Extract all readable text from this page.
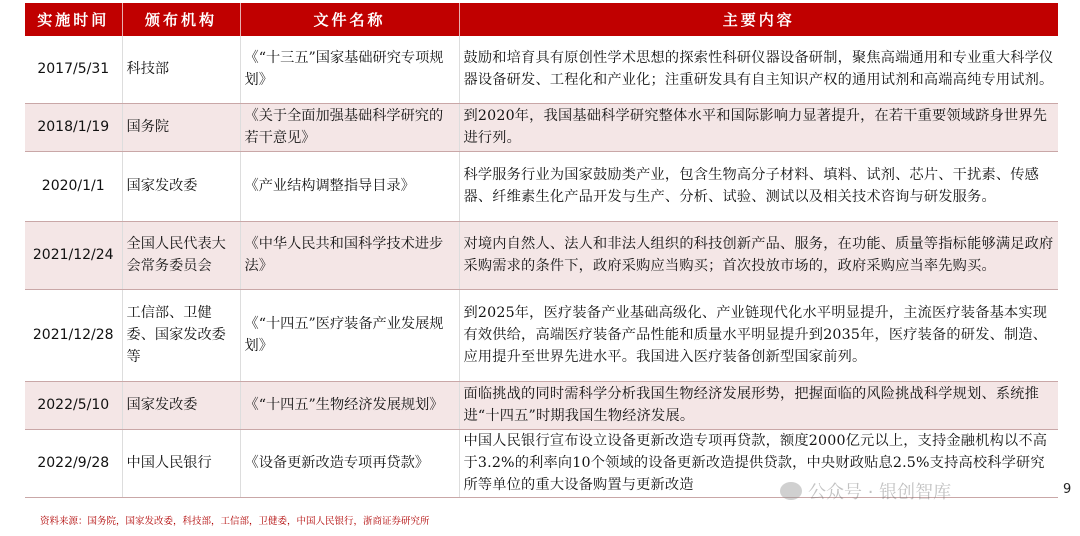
实施时间	颁布机构	文件名称	主要内容
2017/5/31	科技部	《“十三五”国家基础研究专项规划》	鼓励和培育具有原创性学术思想的探索性科研仪器设备研制，聚焦高端通用和专业重大科学仪器设备研发、工程化和产业化；注重研发具有自主知识产权的通用试剂和高端高纯专用试剂。
2018/1/19	国务院	《关于全面加强基础科学研究的若干意见》	到2020年，我国基础科学研究整体水平和国际影响力显著提升，在若干重要领域跻身世界先进行列。
2020/1/1	国家发改委	《产业结构调整指导目录》	科学服务行业为国家鼓励类产业，包含生物高分子材料、填料、试剂、芯片、干扰素、传感器、纤维素生化产品开发与生产、分析、试验、测试以及相关技术咨询与研发服务。
2021/12/24	全国人民代表大会常务委员会	《中华人民共和国科学技术进步法》	对境内自然人、法人和非法人组织的科技创新产品、服务，在功能、质量等指标能够满足政府采购需求的条件下，政府采购应当购买；首次投放市场的，政府采购应当率先购买。
2021/12/28	工信部、卫健委、国家发改委等	《“十四五”医疗装备产业发展规划》	到2025年，医疗装备产业基础高级化、产业链现代化水平明显提升，主流医疗装备基本实现有效供给，高端医疗装备产品性能和质量水平明显提升到2035年，医疗装备的研发、制造、应用提升至世界先进水平。我国进入医疗装备创新型国家前列。
2022/5/10	国家发改委	《“十四五”生物经济发展规划》	面临挑战的同时需科学分析我国生物经济发展形势，把握面临的风险挑战科学规划、系统推进“十四五”时期我国生物经济发展。
2022/9/28	中国人民银行	《设备更新改造专项再贷款》	中国人民银行宣布设立设备更新改造专项再贷款，额度2000亿元以上，支持金融机构以不高于3.2%的利率向10个领域的设备更新改造提供贷款，中央财政贴息2.5%支持高校科学研究所等单位的重大设备购置与更新改造	公众号 · 银创智库	9
资料来源：国务院，国家发改委，科技部，工信部，卫健委，中国人民银行，浙商证券研究所
